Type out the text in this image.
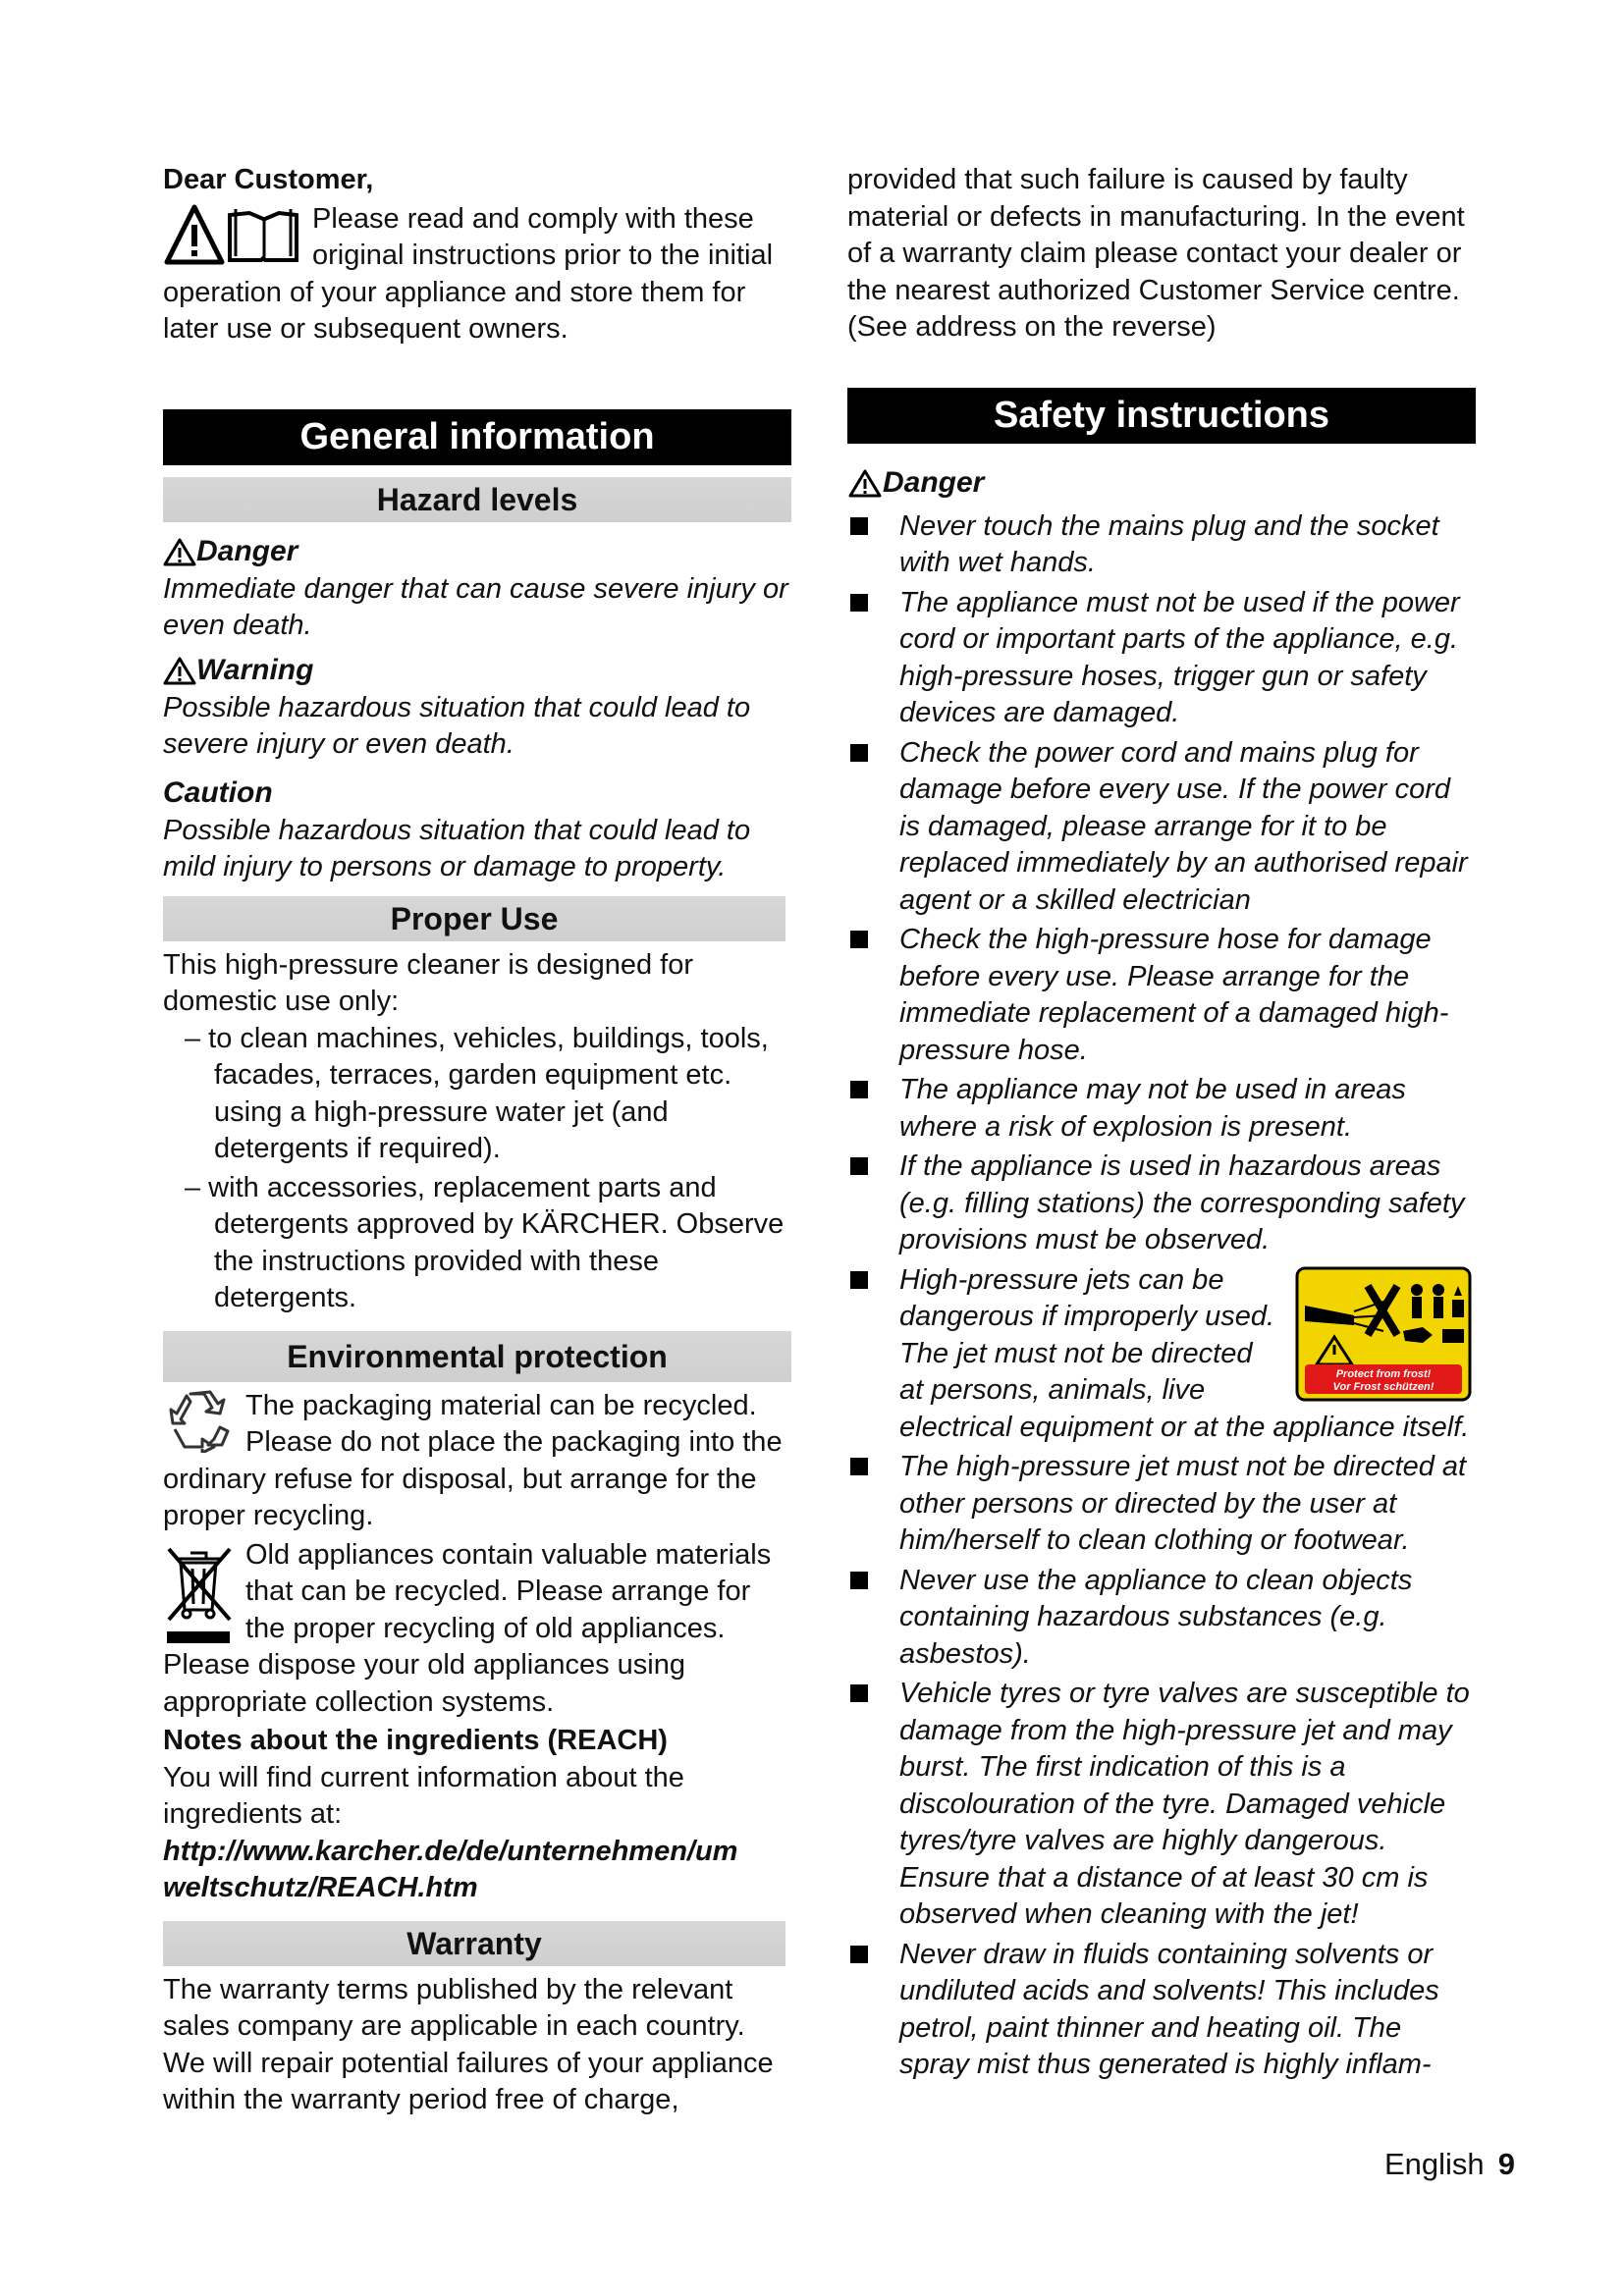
Dear Customer,
Please read and comply with these
original instructions prior to the initial
operation of your appliance and store them for later use or subsequent owners.
General information
Hazard levels
Danger
Immediate danger that can cause severe injury or even death.
Warning
Possible hazardous situation that could lead to severe injury or even death.
Caution
Possible hazardous situation that could lead to mild injury to persons or damage to property.
Proper Use
This high-pressure cleaner is designed for domestic use only:
– to clean machines, vehicles, buildings, tools, facades, terraces, garden equipment etc. using a high-pressure water jet (and detergents if required).
– with accessories, replacement parts and detergents approved by KÄRCHER. Observe the instructions provided with these detergents.
Environmental protection
The packaging material can be recycled. Please do not place the packaging into the ordinary refuse for disposal, but arrange for the proper recycling.
Old appliances contain valuable materials that can be recycled. Please arrange for the proper recycling of old appliances. Please dispose your old appliances using appropriate collection systems.
Notes about the ingredients (REACH)
You will find current information about the ingredients at:
http://www.karcher.de/de/unternehmen/umweltschutz/REACH.htm
Warranty
The warranty terms published by the relevant sales company are applicable in each country. We will repair potential failures of your appliance within the warranty period free of charge,
provided that such failure is caused by faulty material or defects in manufacturing. In the event of a warranty claim please contact your dealer or the nearest authorized Customer Service centre.
(See address on the reverse)
Safety instructions
Danger
Never touch the mains plug and the socket with wet hands.
The appliance must not be used if the power cord or important parts of the appliance, e.g. high-pressure hoses, trigger gun or safety devices are damaged.
Check the power cord and mains plug for damage before every use. If the power cord is damaged, please arrange for it to be replaced immediately by an authorised repair agent or a skilled electrician
Check the high-pressure hose for damage before every use. Please arrange for the immediate replacement of a damaged high-pressure hose.
The appliance may not be used in areas where a risk of explosion is present.
If the appliance is used in hazardous areas (e.g. filling stations) the corresponding safety provisions must be observed.
Protect from frost!
Vor Frost schützen!
High-pressure jets can be dangerous if improperly used. The jet must not be directed at persons, animals, live electrical equipment or at the appliance itself.
The high-pressure jet must not be directed at other persons or directed by the user at him/herself to clean clothing or footwear.
Never use the appliance to clean objects containing hazardous substances (e.g. asbestos).
Vehicle tyres or tyre valves are susceptible to damage from the high-pressure jet and may burst. The first indication of this is a discolouration of the tyre. Damaged vehicle tyres/tyre valves are highly dangerous. Ensure that a distance of at least 30 cm is observed when cleaning with the jet!
Never draw in fluids containing solvents or undiluted acids and solvents! This includes petrol, paint thinner and heating oil. The spray mist thus generated is highly inflam-
English 9
